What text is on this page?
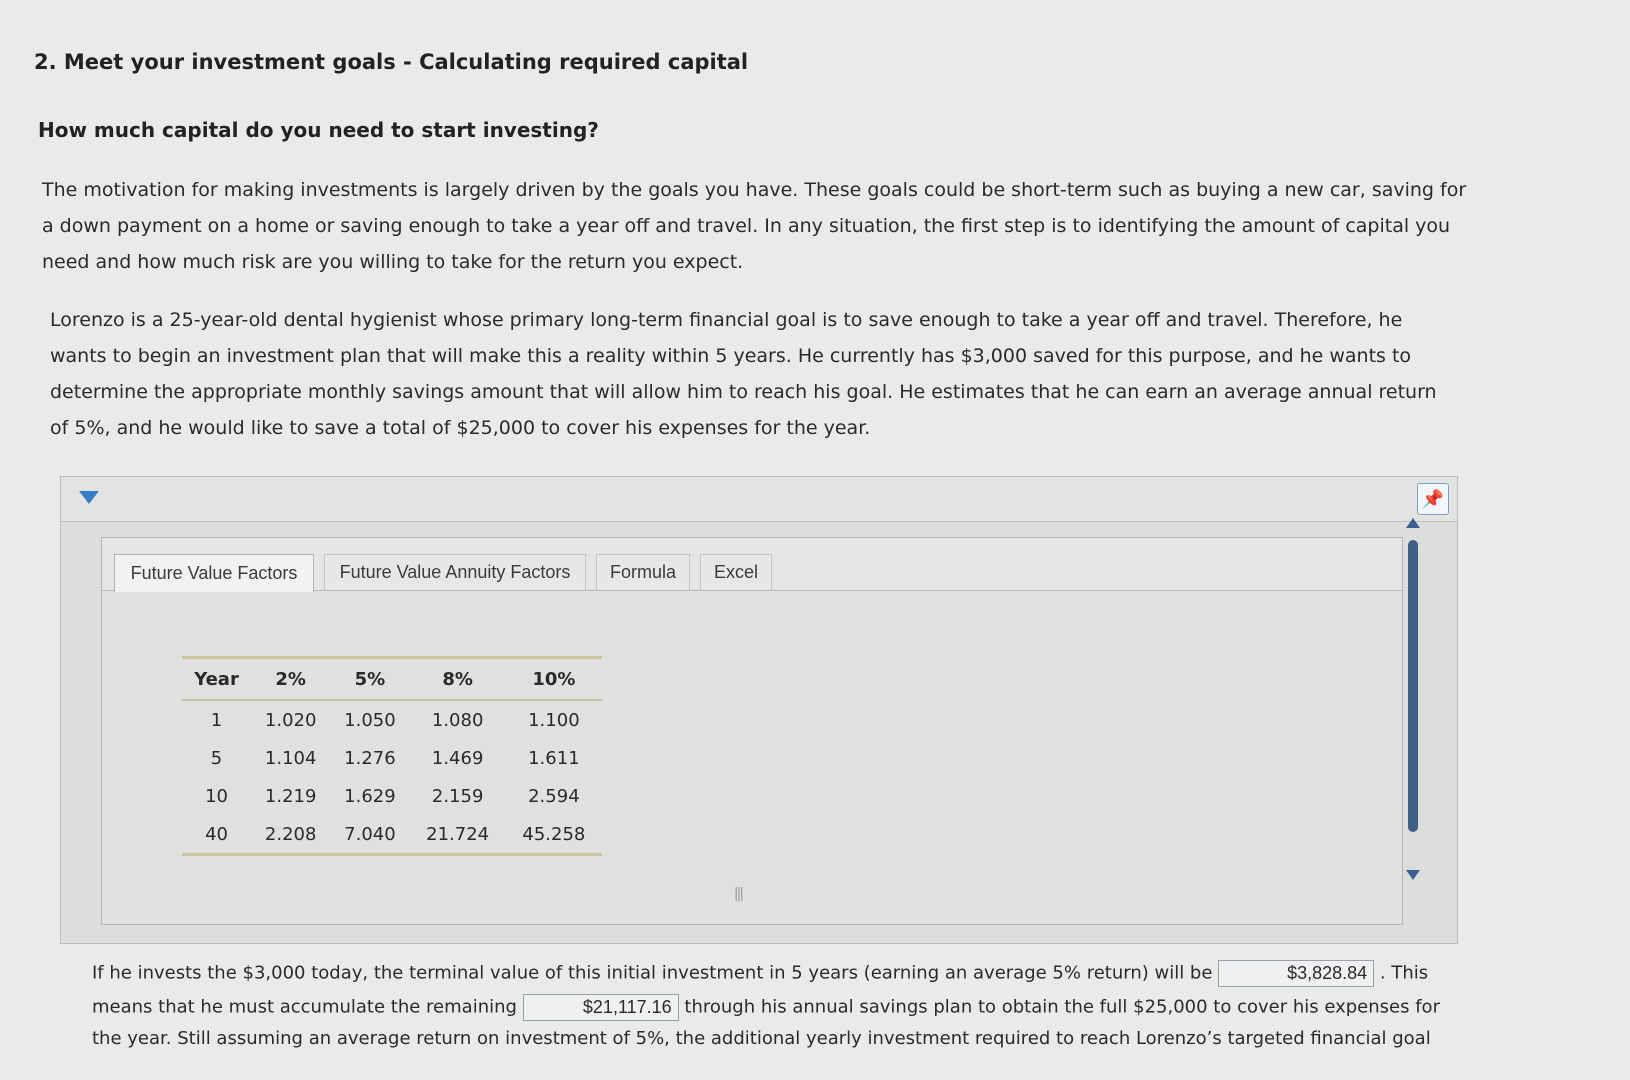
2. Meet your investment goals - Calculating required capital
How much capital do you need to start investing?

The motivation for making investments is largely driven by the goals you have. These goals could be short-term such as buying a new car, saving for a down payment on a home or saving enough to take a year off and travel. In any situation, the first step is to identifying the amount of capital you need and how much risk are you willing to take for the return you expect.

Lorenzo is a 25-year-old dental hygienist whose primary long-term financial goal is to save enough to take a year off and travel. Therefore, he wants to begin an investment plan that will make this a reality within 5 years. He currently has $3,000 saved for this purpose, and he wants to determine the appropriate monthly savings amount that will allow him to reach his goal. He estimates that he can earn an average annual return of 5%, and he would like to save a total of $25,000 to cover his expenses for the year.

📌
Future Value Factors	Future Value Annuity Factors	Formula	Excel
Year	2%	5%	8%	10%
1	1.020	1.050	1.080	1.100
5	1.104	1.276	1.469	1.611
10	1.219	1.629	2.159	2.594
40	2.208	7.040	21.724	45.258
|||

If he invests the $3,000 today, the terminal value of this initial investment in 5 years (earning an average 5% return) will be	$3,828.84 . This

means that he must accumulate the remaining	$21,117.16 through his annual savings plan to obtain the full $25,000 to cover his expenses for

the year. Still assuming an average return on investment of 5%, the additional yearly investment required to reach Lorenzo’s targeted financial goal
